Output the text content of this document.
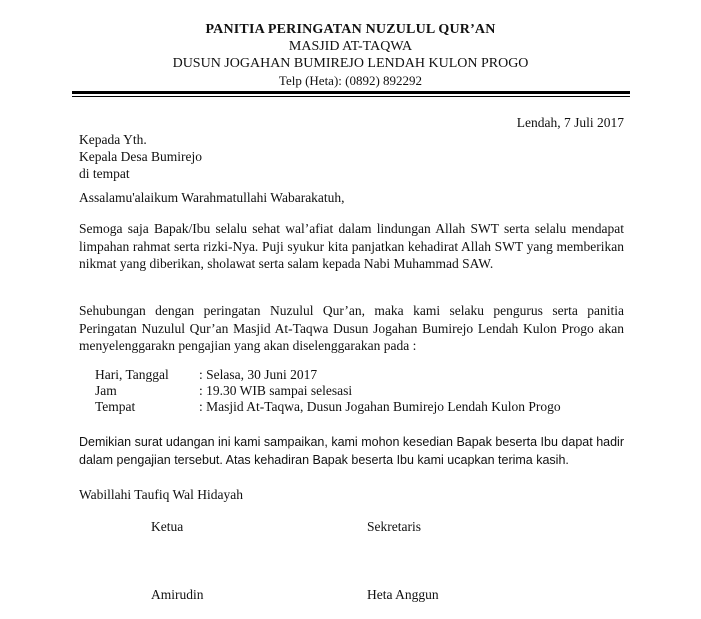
PANITIA PERINGATAN NUZULUL QUR’AN
MASJID AT-TAQWA
DUSUN JOGAHAN BUMIREJO LENDAH KULON PROGO
Telp (Heta): (0892) 892292
Lendah, 7 Juli 2017
Kepada Yth.
Kepala Desa Bumirejo
di tempat
Assalamu'alaikum Warahmatullahi Wabarakatuh,
Semoga saja Bapak/Ibu selalu sehat wal’afiat dalam lindungan Allah SWT serta selalu mendapat limpahan rahmat serta rizki-Nya. Puji syukur kita panjatkan kehadirat Allah SWT yang memberikan nikmat yang diberikan, sholawat serta salam kepada Nabi Muhammad SAW.
Sehubungan dengan peringatan Nuzulul Qur’an, maka kami selaku pengurus serta panitia Peringatan Nuzulul Qur’an Masjid At-Taqwa Dusun Jogahan Bumirejo Lendah Kulon Progo akan menyelenggarakn pengajian yang akan diselenggarakan pada :
Hari, Tanggal : Selasa, 30 Juni 2017
Jam	: 19.30 WIB sampai selesasi
Tempat	: Masjid At-Taqwa, Dusun Jogahan Bumirejo Lendah Kulon Progo
Demikian surat udangan ini kami sampaikan, kami mohon kesedian Bapak beserta Ibu dapat hadir dalam pengajian tersebut. Atas kehadiran Bapak beserta Ibu kami ucapkan terima kasih.
Wabillahi Taufiq Wal Hidayah
Ketua	Sekretaris
Amirudin	Heta Anggun
